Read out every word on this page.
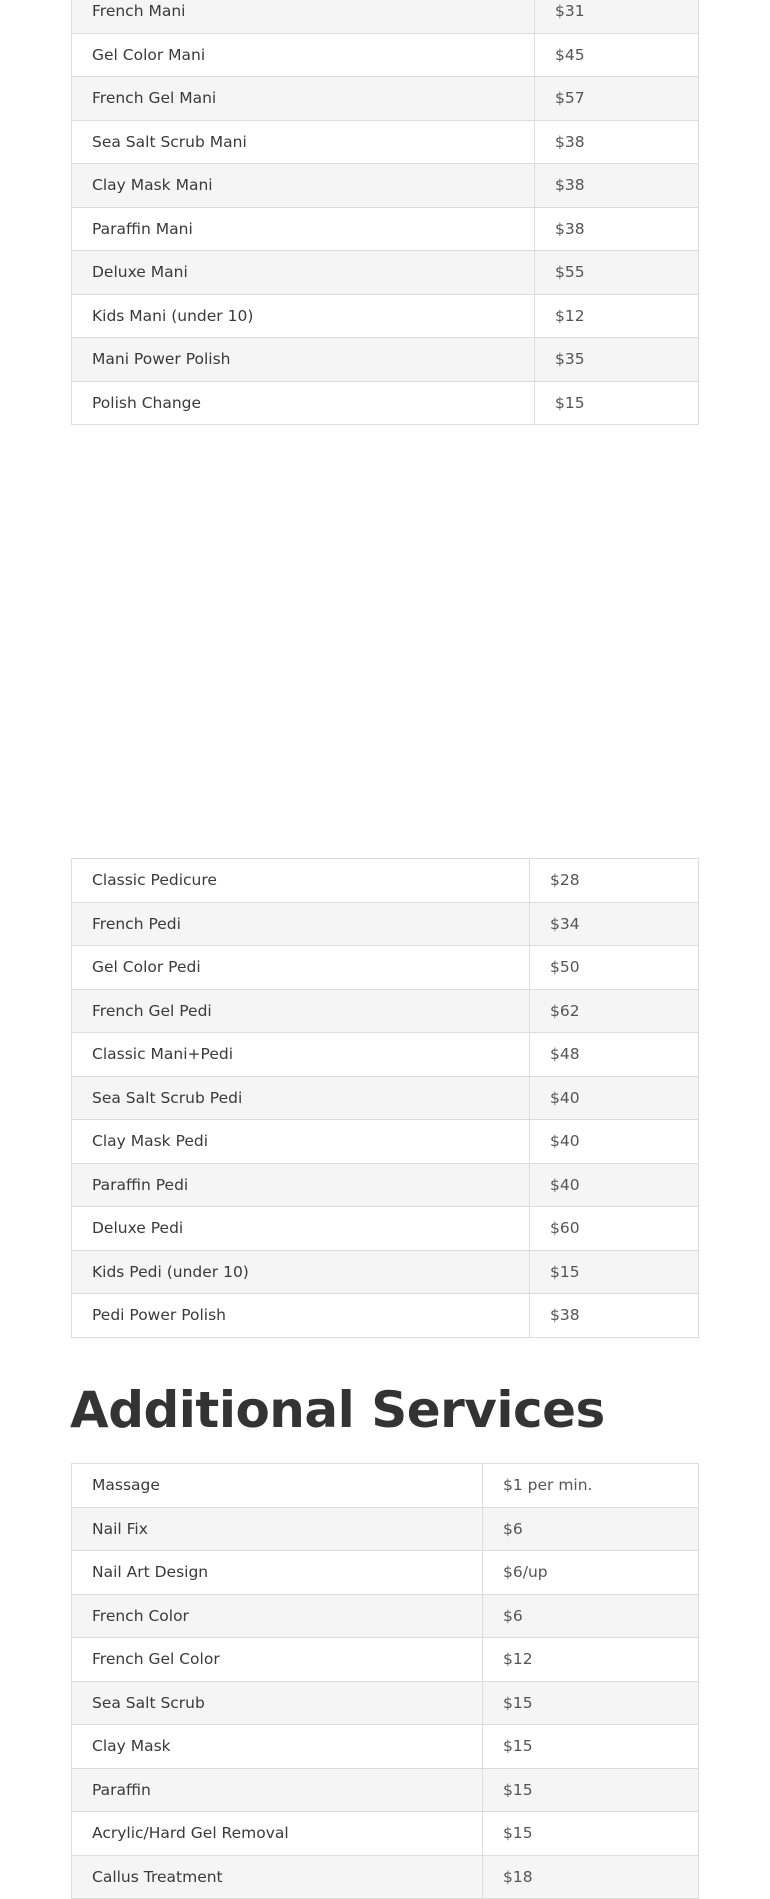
French Mani	$31
Gel Color Mani	$45
French Gel Mani	$57
Sea Salt Scrub Mani	$38
Clay Mask Mani	$38
Paraffin Mani	$38
Deluxe Mani	$55
Kids Mani (under 10)	$12
Mani Power Polish	$35
Polish Change	$15
Classic Pedicure	$28
French Pedi	$34
Gel Color Pedi	$50
French Gel Pedi	$62
Classic Mani+Pedi	$48
Sea Salt Scrub Pedi	$40
Clay Mask Pedi	$40
Paraffin Pedi	$40
Deluxe Pedi	$60
Kids Pedi (under 10)	$15
Pedi Power Polish	$38
Additional Services
Massage	$1 per min.
Nail Fix	$6
Nail Art Design	$6/up
French Color	$6
French Gel Color	$12
Sea Salt Scrub	$15
Clay Mask	$15
Paraffin	$15
Acrylic/Hard Gel Removal	$15
Callus Treatment	$18
